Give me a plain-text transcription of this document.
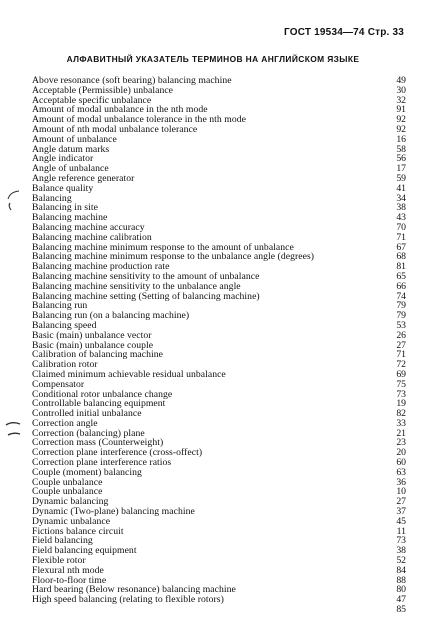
ГОСТ 19534—74 Стр. 33
АЛФАВИТНЫЙ УКАЗАТЕЛЬ ТЕРМИНОВ НА АНГЛИЙСКОМ ЯЗЫКЕ
Above resonance (soft bearing) balancing machine	49
Acceptable (Permissible) unbalance	30
Acceptable specific unbalance	32
Amount of modal unbalance in the nth mode	91
Amount of modal unbalance tolerance in the nth mode	92
Amount of nth modal unbalance tolerance	92
Amount of unbalance	16
Angle datum marks	58
Angle indicator	56
Angle of unbalance	17
Angle reference generator	59
Balance quality	41
Balancing	34
Balancing in site	38
Balancing machine	43
Balancing machine accuracy	70
Balancing machine calibration	71
Balancing machine minimum response to the amount of unbalance	67
Balancing machine minimum response to the unbalance angle (degrees)	68
Balancing machine production rate	81
Balancing machine sensitivity to the amount of unbalance	65
Balancing machine sensitivity to the unbalance angle	66
Balancing machine setting (Setting of balancing machine)	74
Balancing run	79
Balancing run (on a balancing machine)	79
Balancing speed	53
Basic (main) unbalance vector	26
Basic (main) unbalance couple	27
Calibration of balancing machine	71
Calibration rotor	72
Claimed minimum achievable residual unbalance	69
Compensator	75
Conditional rotor unbalance change	73
Controllable balancing equipment	19
Controlled initial unbalance	82
Correction angle	33
Correction (balancing) plane	21
Correction mass (Counterweight)	23
Correction plane interference (cross-offect)	20
Correction plane interference ratios	60
Couple (moment) balancing	63
Couple unbalance	36
Couple unbalance	10
Dynamic balancing	27
Dynamic (Two-plane) balancing machine	37
Dynamic unbalance	45
Fictions balance circuit	11
Field balancing	73
Field balancing equipment	38
Flexible rotor	52
Flexural nth mode	84
Floor-to-floor time	88
Hard bearing (Below resonance) balancing machine	80
High speed balancing (relating to flexible rotors)	47
85
